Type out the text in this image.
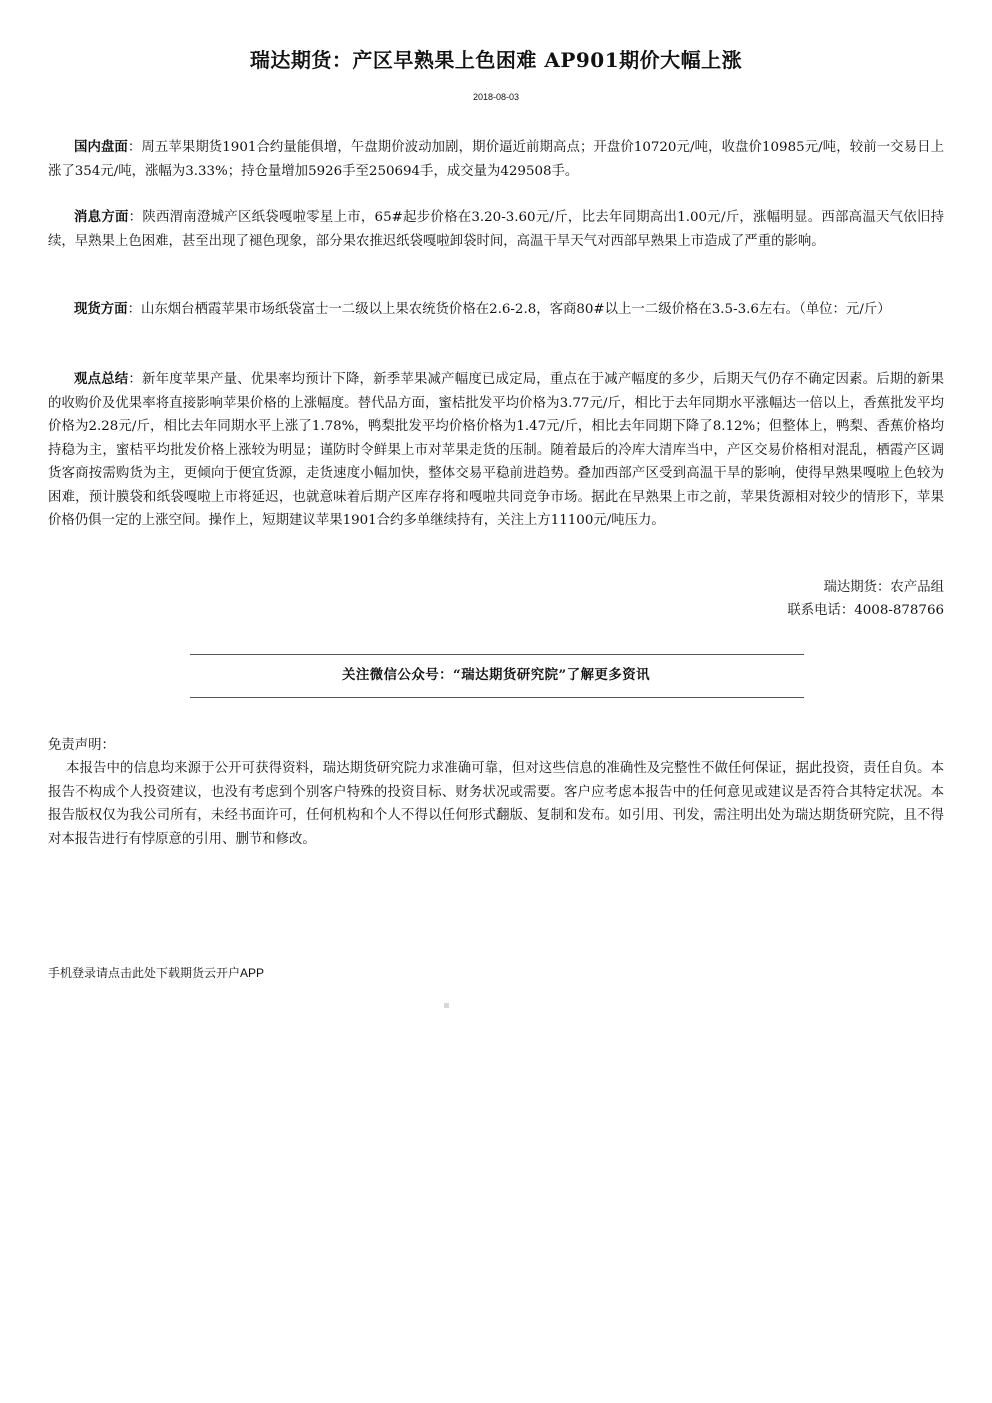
瑞达期货：产区早熟果上色困难 AP901期价大幅上涨
2018-08-03

国内盘面：周五苹果期货1901合约量能俱增，午盘期价波动加剧，期价逼近前期高点；开盘价10720元/吨，收盘价10985元/吨，较前一交易日上涨了354元/吨，涨幅为3.33%；持仓量增加5926手至250694手，成交量为429508手。

消息方面：陕西渭南澄城产区纸袋嘎啦零星上市，65#起步价格在3.20-3.60元/斤，比去年同期高出1.00元/斤，涨幅明显。西部高温天气依旧持续，早熟果上色困难，甚至出现了褪色现象，部分果农推迟纸袋嘎啦卸袋时间，高温干旱天气对西部早熟果上市造成了严重的影响。

现货方面：山东烟台栖霞苹果市场纸袋富士一二级以上果农统货价格在2.6-2.8，客商80#以上一二级价格在3.5-3.6左右。（单位：元/斤）

观点总结：新年度苹果产量、优果率均预计下降，新季苹果减产幅度已成定局，重点在于减产幅度的多少，后期天气仍存不确定因素。后期的新果的收购价及优果率将直接影响苹果价格的上涨幅度。替代品方面，蜜桔批发平均价格为3.77元/斤，相比于去年同期水平涨幅达一倍以上，香蕉批发平均价格为2.28元/斤，相比去年同期水平上涨了1.78%，鸭梨批发平均价格价格为1.47元/斤，相比去年同期下降了8.12%；但整体上，鸭梨、香蕉价格均持稳为主，蜜桔平均批发价格上涨较为明显；谨防时令鲜果上市对苹果走货的压制。随着最后的冷库大清库当中，产区交易价格相对混乱，栖霞产区调货客商按需购货为主，更倾向于便宜货源，走货速度小幅加快，整体交易平稳前进趋势。叠加西部产区受到高温干旱的影响，使得早熟果嘎啦上色较为困难，预计膜袋和纸袋嘎啦上市将延迟，也就意味着后期产区库存将和嘎啦共同竞争市场。据此在早熟果上市之前，苹果货源相对较少的情形下，苹果价格仍俱一定的上涨空间。操作上，短期建议苹果1901合约多单继续持有，关注上方11100元/吨压力。

瑞达期货：农产品组
联系电话：4008-878766
关注微信公众号：“瑞达期货研究院”了解更多资讯
免责声明：

本报告中的信息均来源于公开可获得资料，瑞达期货研究院力求准确可靠，但对这些信息的准确性及完整性不做任何保证，据此投资，责任自负。本报告不构成个人投资建议，也没有考虑到个别客户特殊的投资目标、财务状况或需要。客户应考虑本报告中的任何意见或建议是否符合其特定状况。本报告版权仅为我公司所有，未经书面许可，任何机构和个人不得以任何形式翻版、复制和发布。如引用、刊发，需注明出处为瑞达期货研究院，且不得对本报告进行有悖原意的引用、删节和修改。

手机登录请点击此处下载期货云开户APP
